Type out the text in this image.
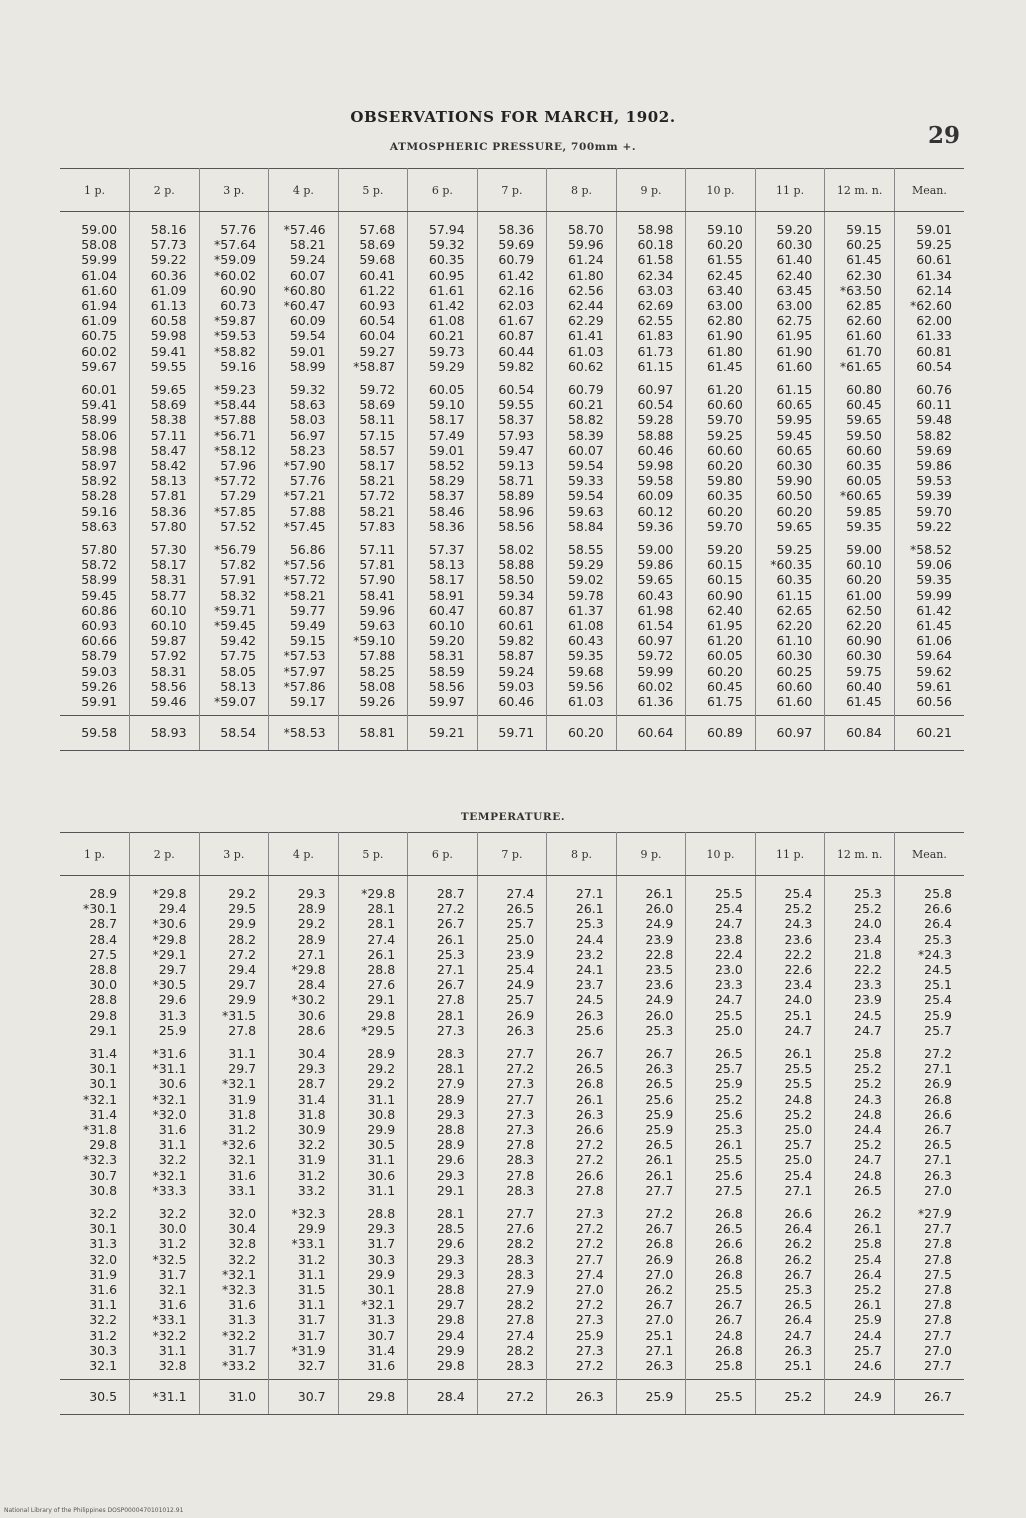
OBSERVATIONS FOR MARCH, 1902.
29
ATMOSPHERIC PRESSURE, 700mm +.
1 p.	2 p.	3 p.	4 p.	5 p.	6 p.	7 p.	8 p.	9 p.	10 p.	11 p.	12 m. n.	Mean.
59.00	58.16	57.76	*57.46	57.68	57.94	58.36	58.70	58.98	59.10	59.20	59.15	59.01
58.08	57.73	*57.64	58.21	58.69	59.32	59.69	59.96	60.18	60.20	60.30	60.25	59.25
59.99	59.22	*59.09	59.24	59.68	60.35	60.79	61.24	61.58	61.55	61.40	61.45	60.61
61.04	60.36	*60.02	60.07	60.41	60.95	61.42	61.80	62.34	62.45	62.40	62.30	61.34
61.60	61.09	60.90	*60.80	61.22	61.61	62.16	62.56	63.03	63.40	63.45	*63.50	62.14
61.94	61.13	60.73	*60.47	60.93	61.42	62.03	62.44	62.69	63.00	63.00	62.85	*62.60
61.09	60.58	*59.87	60.09	60.54	61.08	61.67	62.29	62.55	62.80	62.75	62.60	62.00
60.75	59.98	*59.53	59.54	60.04	60.21	60.87	61.41	61.83	61.90	61.95	61.60	61.33
60.02	59.41	*58.82	59.01	59.27	59.73	60.44	61.03	61.73	61.80	61.90	61.70	60.81
59.67	59.55	59.16	58.99	*58.87	59.29	59.82	60.62	61.15	61.45	61.60	*61.65	60.54

60.01	59.65	*59.23	59.32	59.72	60.05	60.54	60.79	60.97	61.20	61.15	60.80	60.76
59.41	58.69	*58.44	58.63	58.69	59.10	59.55	60.21	60.54	60.60	60.65	60.45	60.11
58.99	58.38	*57.88	58.03	58.11	58.17	58.37	58.82	59.28	59.70	59.95	59.65	59.48
58.06	57.11	*56.71	56.97	57.15	57.49	57.93	58.39	58.88	59.25	59.45	59.50	58.82
58.98	58.47	*58.12	58.23	58.57	59.01	59.47	60.07	60.46	60.60	60.65	60.60	59.69
58.97	58.42	57.96	*57.90	58.17	58.52	59.13	59.54	59.98	60.20	60.30	60.35	59.86
58.92	58.13	*57.72	57.76	58.21	58.29	58.71	59.33	59.58	59.80	59.90	60.05	59.53
58.28	57.81	57.29	*57.21	57.72	58.37	58.89	59.54	60.09	60.35	60.50	*60.65	59.39
59.16	58.36	*57.85	57.88	58.21	58.46	58.96	59.63	60.12	60.20	60.20	59.85	59.70
58.63	57.80	57.52	*57.45	57.83	58.36	58.56	58.84	59.36	59.70	59.65	59.35	59.22

57.80	57.30	*56.79	56.86	57.11	57.37	58.02	58.55	59.00	59.20	59.25	59.00	*58.52
58.72	58.17	57.82	*57.56	57.81	58.13	58.88	59.29	59.86	60.15	*60.35	60.10	59.06
58.99	58.31	57.91	*57.72	57.90	58.17	58.50	59.02	59.65	60.15	60.35	60.20	59.35
59.45	58.77	58.32	*58.21	58.41	58.91	59.34	59.78	60.43	60.90	61.15	61.00	59.99
60.86	60.10	*59.71	59.77	59.96	60.47	60.87	61.37	61.98	62.40	62.65	62.50	61.42
60.93	60.10	*59.45	59.49	59.63	60.10	60.61	61.08	61.54	61.95	62.20	62.20	61.45
60.66	59.87	59.42	59.15	*59.10	59.20	59.82	60.43	60.97	61.20	61.10	60.90	61.06
58.79	57.92	57.75	*57.53	57.88	58.31	58.87	59.35	59.72	60.05	60.30	60.30	59.64
59.03	58.31	58.05	*57.97	58.25	58.59	59.24	59.68	59.99	60.20	60.25	59.75	59.62
59.26	58.56	58.13	*57.86	58.08	58.56	59.03	59.56	60.02	60.45	60.60	60.40	59.61
59.91	59.46	*59.07	59.17	59.26	59.97	60.46	61.03	61.36	61.75	61.60	61.45	60.56
59.58	58.93	58.54	*58.53	58.81	59.21	59.71	60.20	60.64	60.89	60.97	60.84	60.21
TEMPERATURE.
1 p.	2 p.	3 p.	4 p.	5 p.	6 p.	7 p.	8 p.	9 p.	10 p.	11 p.	12 m. n.	Mean.
28.9	*29.8	29.2	29.3	*29.8	28.7	27.4	27.1	26.1	25.5	25.4	25.3	25.8
*30.1	29.4	29.5	28.9	28.1	27.2	26.5	26.1	26.0	25.4	25.2	25.2	26.6
28.7	*30.6	29.9	29.2	28.1	26.7	25.7	25.3	24.9	24.7	24.3	24.0	26.4
28.4	*29.8	28.2	28.9	27.4	26.1	25.0	24.4	23.9	23.8	23.6	23.4	25.3
27.5	*29.1	27.2	27.1	26.1	25.3	23.9	23.2	22.8	22.4	22.2	21.8	*24.3
28.8	29.7	29.4	*29.8	28.8	27.1	25.4	24.1	23.5	23.0	22.6	22.2	24.5
30.0	*30.5	29.7	28.4	27.6	26.7	24.9	23.7	23.6	23.3	23.4	23.3	25.1
28.8	29.6	29.9	*30.2	29.1	27.8	25.7	24.5	24.9	24.7	24.0	23.9	25.4
29.8	31.3	*31.5	30.6	29.8	28.1	26.9	26.3	26.0	25.5	25.1	24.5	25.9
29.1	25.9	27.8	28.6	*29.5	27.3	26.3	25.6	25.3	25.0	24.7	24.7	25.7

31.4	*31.6	31.1	30.4	28.9	28.3	27.7	26.7	26.7	26.5	26.1	25.8	27.2
30.1	*31.1	29.7	29.3	29.2	28.1	27.2	26.5	26.3	25.7	25.5	25.2	27.1
30.1	30.6	*32.1	28.7	29.2	27.9	27.3	26.8	26.5	25.9	25.5	25.2	26.9
*32.1	*32.1	31.9	31.4	31.1	28.9	27.7	26.1	25.6	25.2	24.8	24.3	26.8
31.4	*32.0	31.8	31.8	30.8	29.3	27.3	26.3	25.9	25.6	25.2	24.8	26.6
*31.8	31.6	31.2	30.9	29.9	28.8	27.3	26.6	25.9	25.3	25.0	24.4	26.7
29.8	31.1	*32.6	32.2	30.5	28.9	27.8	27.2	26.5	26.1	25.7	25.2	26.5
*32.3	32.2	32.1	31.9	31.1	29.6	28.3	27.2	26.1	25.5	25.0	24.7	27.1
30.7	*32.1	31.6	31.2	30.6	29.3	27.8	26.6	26.1	25.6	25.4	24.8	26.3
30.8	*33.3	33.1	33.2	31.1	29.1	28.3	27.8	27.7	27.5	27.1	26.5	27.0

32.2	32.2	32.0	*32.3	28.8	28.1	27.7	27.3	27.2	26.8	26.6	26.2	*27.9
30.1	30.0	30.4	29.9	29.3	28.5	27.6	27.2	26.7	26.5	26.4	26.1	27.7
31.3	31.2	32.8	*33.1	31.7	29.6	28.2	27.2	26.8	26.6	26.2	25.8	27.8
32.0	*32.5	32.2	31.2	30.3	29.3	28.3	27.7	26.9	26.8	26.2	25.4	27.8
31.9	31.7	*32.1	31.1	29.9	29.3	28.3	27.4	27.0	26.8	26.7	26.4	27.5
31.6	32.1	*32.3	31.5	30.1	28.8	27.9	27.0	26.2	25.5	25.3	25.2	27.8
31.1	31.6	31.6	31.1	*32.1	29.7	28.2	27.2	26.7	26.7	26.5	26.1	27.8
32.2	*33.1	31.3	31.7	31.3	29.8	27.8	27.3	27.0	26.7	26.4	25.9	27.8
31.2	*32.2	*32.2	31.7	30.7	29.4	27.4	25.9	25.1	24.8	24.7	24.4	27.7
30.3	31.1	31.7	*31.9	31.4	29.9	28.2	27.3	27.1	26.8	26.3	25.7	27.0
32.1	32.8	*33.2	32.7	31.6	29.8	28.3	27.2	26.3	25.8	25.1	24.6	27.7
30.5	*31.1	31.0	30.7	29.8	28.4	27.2	26.3	25.9	25.5	25.2	24.9	26.7
National Library of the Philippines DOSP0000470101012.91
